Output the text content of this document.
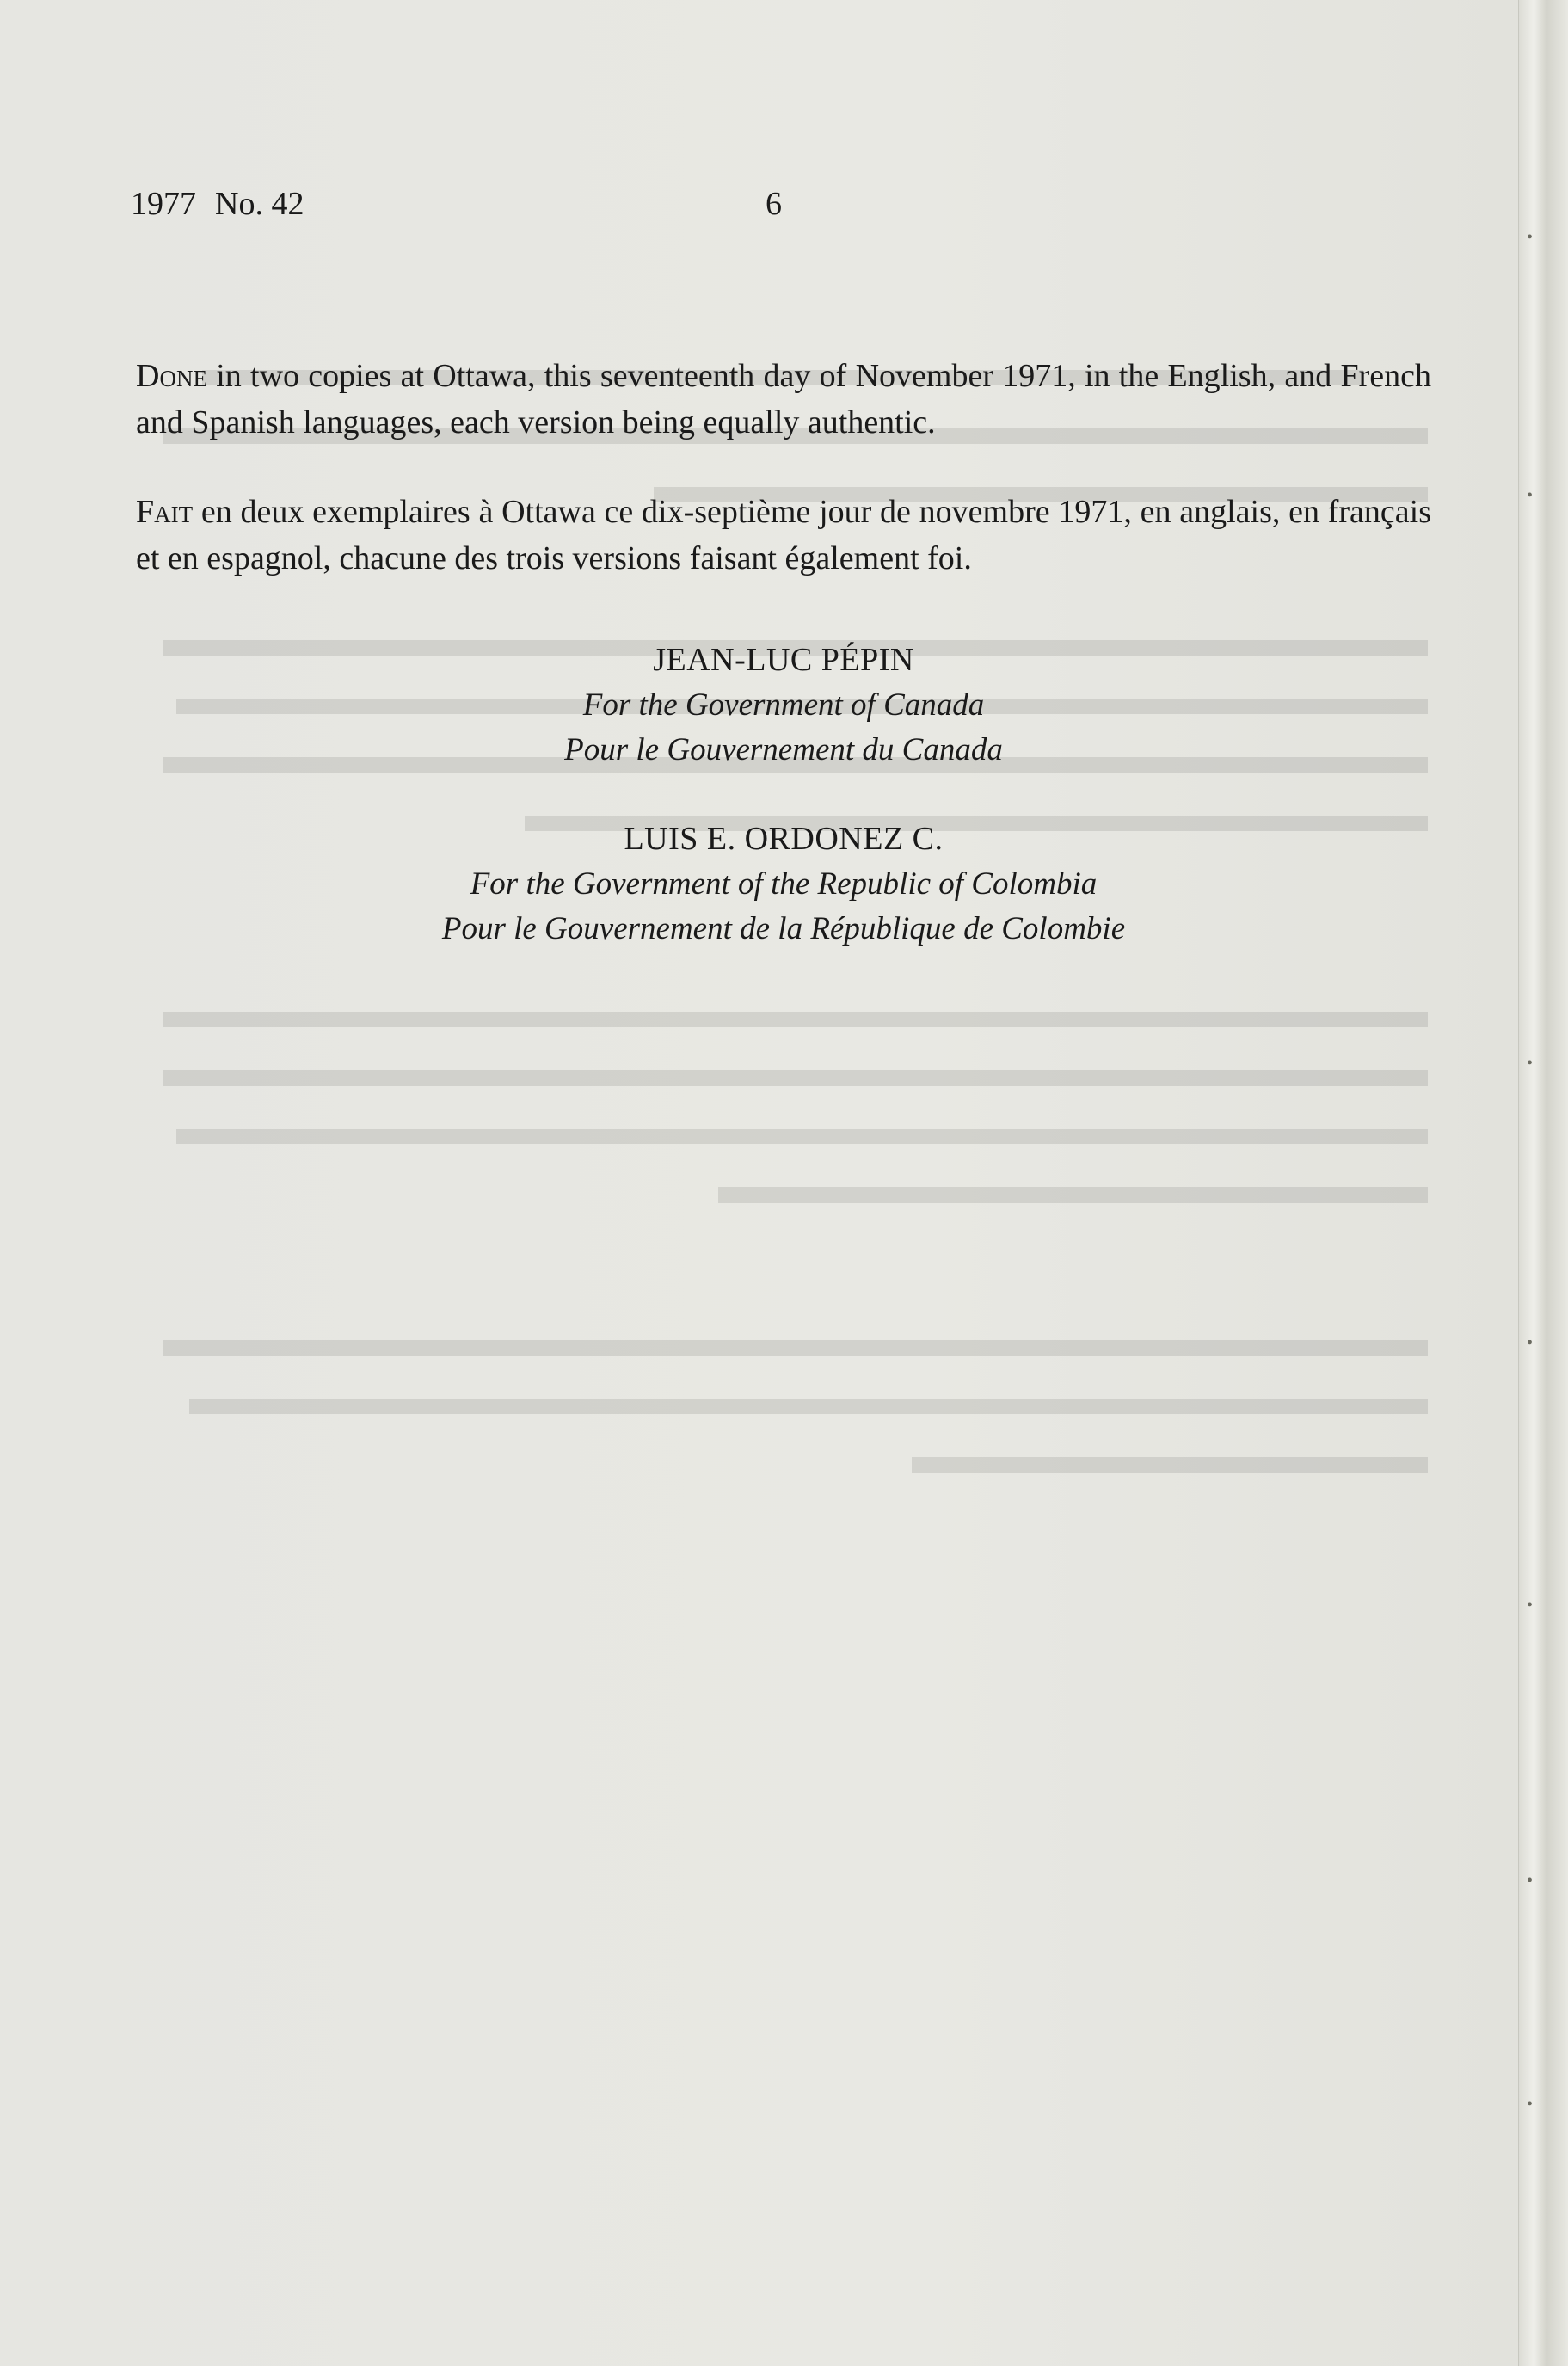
1977 No. 42	6
Done in two copies at Ottawa, this seventeenth day of November 1971, in the English, and French and Spanish languages, each version being equally authentic.
Fait en deux exemplaires à Ottawa ce dix-septième jour de novembre 1971, en anglais, en français et en espagnol, chacune des trois versions faisant également foi.
JEAN-LUC PÉPIN
For the Government of Canada
Pour le Gouvernement du Canada
LUIS E. ORDONEZ C.
For the Government of the Republic of Colombia
Pour le Gouvernement de la République de Colombie
•
•
•
•
•
•
•
